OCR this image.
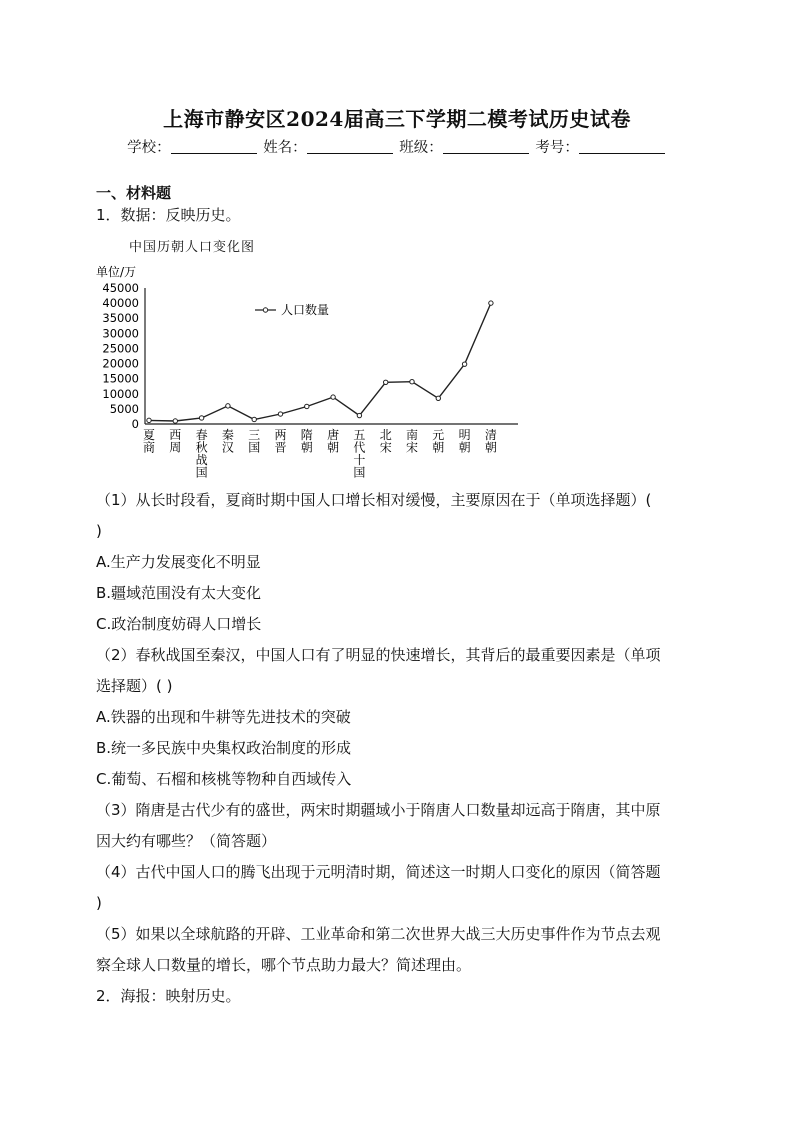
上海市静安区2024届高三下学期二模考试历史试卷
学校：	姓名：	班级：	考号：
一、材料题
1．数据：反映历史。
中国历朝人口变化图
单位/万
0
5000
10000
15000
20000
25000
30000
35000
40000
45000
夏商
西周
春秋战国
秦汉
三国
两晋
隋朝
唐朝
五代十国
北宋
南宋
元朝
明朝
清朝
人口数量
（1）从长时段看，夏商时期中国人口增长相对缓慢，主要原因在于（单项选择题）(
)
A.生产力发展变化不明显
B.疆域范围没有太大变化
C.政治制度妨碍人口增长
（2）春秋战国至秦汉，中国人口有了明显的快速增长，其背后的最重要因素是（单项
选择题）( )
A.铁器的出现和牛耕等先进技术的突破
B.统一多民族中央集权政治制度的形成
C.葡萄、石榴和核桃等物种自西域传入
（3）隋唐是古代少有的盛世，两宋时期疆域小于隋唐人口数量却远高于隋唐，其中原
因大约有哪些？（简答题）
（4）古代中国人口的腾飞出现于元明清时期，简述这一时期人口变化的原因（简答题
)
（5）如果以全球航路的开辟、工业革命和第二次世界大战三大历史事件作为节点去观
察全球人口数量的增长，哪个节点助力最大？简述理由。
2．海报：映射历史。
